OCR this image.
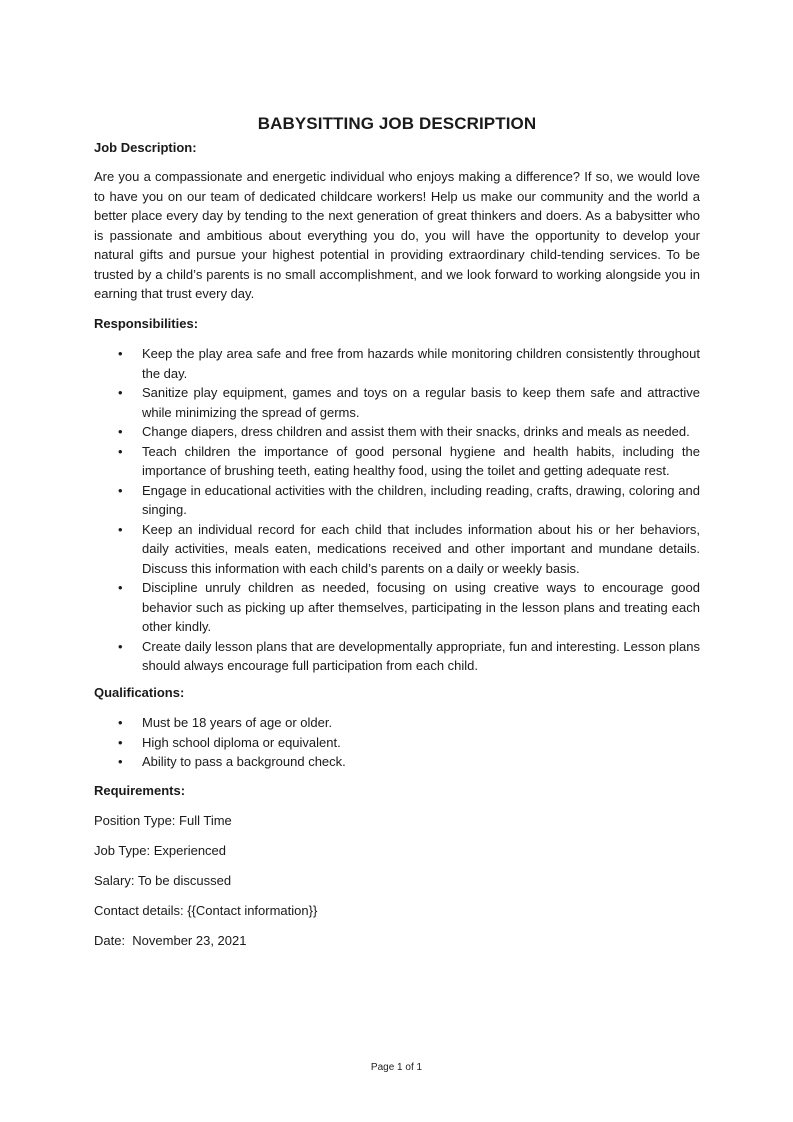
BABYSITTING JOB DESCRIPTION

Job Description:

Are you a compassionate and energetic individual who enjoys making a difference? If so, we would love to have you on our team of dedicated childcare workers! Help us make our community and the world a better place every day by tending to the next generation of great thinkers and doers. As a babysitter who is passionate and ambitious about everything you do, you will have the opportunity to develop your natural gifts and pursue your highest potential in providing extraordinary child-tending services. To be trusted by a child’s parents is no small accomplishment, and we look forward to working alongside you in earning that trust every day.

Responsibilities:

• Keep the play area safe and free from hazards while monitoring children consistently throughout the day.
• Sanitize play equipment, games and toys on a regular basis to keep them safe and attractive while minimizing the spread of germs.
• Change diapers, dress children and assist them with their snacks, drinks and meals as needed.
• Teach children the importance of good personal hygiene and health habits, including the importance of brushing teeth, eating healthy food, using the toilet and getting adequate rest.
• Engage in educational activities with the children, including reading, crafts, drawing, coloring and singing.
• Keep an individual record for each child that includes information about his or her behaviors, daily activities, meals eaten, medications received and other important and mundane details. Discuss this information with each child’s parents on a daily or weekly basis.
• Discipline unruly children as needed, focusing on using creative ways to encourage good behavior such as picking up after themselves, participating in the lesson plans and treating each other kindly.
• Create daily lesson plans that are developmentally appropriate, fun and interesting. Lesson plans should always encourage full participation from each child.

Qualifications:

• Must be 18 years of age or older.
• High school diploma or equivalent.
• Ability to pass a background check.

Requirements:

Position Type: Full Time

Job Type: Experienced

Salary: To be discussed

Contact details: {{Contact information}}

Date:  November 23, 2021

Page 1 of 1
